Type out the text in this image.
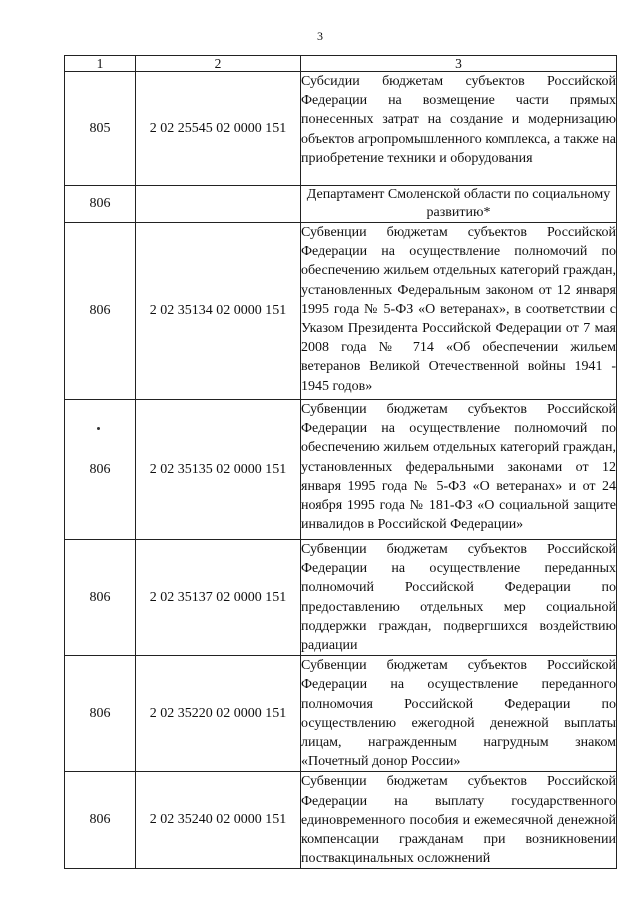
3
1	2	3
805	2 02 25545 02 0000 151	Субсидии бюджетам субъектов Российской Федерации на возмещение части прямых понесенных затрат на создание и модернизацию объектов агропромышленного комплекса, а также на приобретение техники и оборудования
806		Департамент Смоленской области по социальному развитию*
806	2 02 35134 02 0000 151	Субвенции бюджетам субъектов Российской Федерации на осуществление полномочий по обеспечению жильем отдельных категорий граждан, установленных Федеральным законом от 12 января 1995 года № 5-ФЗ «О ветеранах», в соответствии с Указом Президента Российской Федерации от 7 мая 2008 года № 714 «Об обеспечении жильем ветеранов Великой Отечественной войны 1941 - 1945 годов»
806	2 02 35135 02 0000 151	Субвенции бюджетам субъектов Российской Федерации на осуществление полномочий по обеспечению жильем отдельных категорий граждан, установленных федеральными законами от 12 января 1995 года № 5-ФЗ «О ветеранах» и от 24 ноября 1995 года № 181-ФЗ «О социальной защите инвалидов в Российской Федерации»
806	2 02 35137 02 0000 151	Субвенции бюджетам субъектов Российской Федерации на осуществление переданных полномочий Российской Федерации по предоставлению отдельных мер социальной поддержки граждан, подвергшихся воздействию радиации
806	2 02 35220 02 0000 151	Субвенции бюджетам субъектов Российской Федерации на осуществление переданного полномочия Российской Федерации по осуществлению ежегодной денежной выплаты лицам, награжденным нагрудным знаком «Почетный донор России»
806	2 02 35240 02 0000 151	Субвенции бюджетам субъектов Российской Федерации на выплату государственного единовременного пособия и ежемесячной денежной компенсации гражданам при возникновении поствакцинальных осложнений
